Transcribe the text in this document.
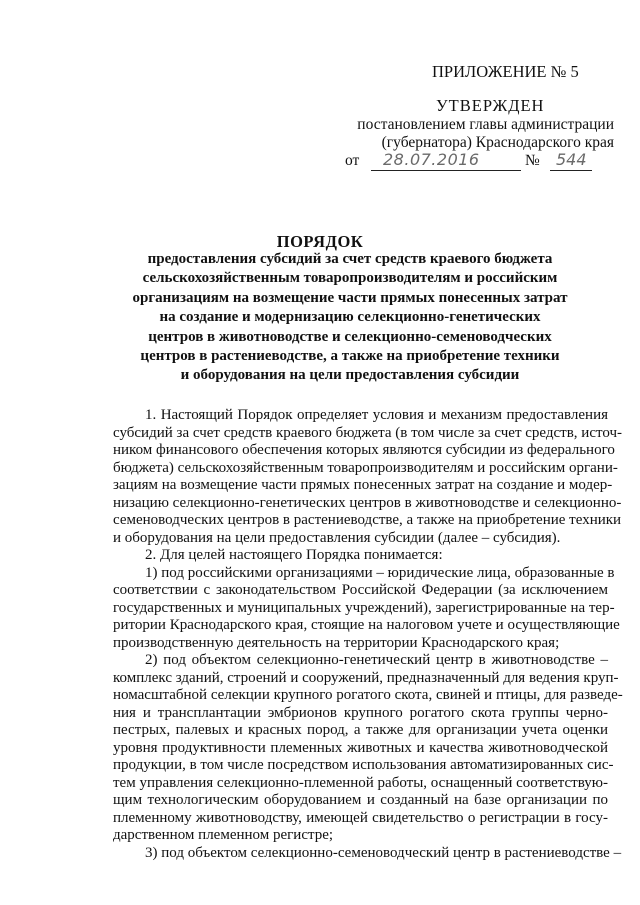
ПРИЛОЖЕНИЕ № 5
УТВЕРЖДЕН
постановлением главы администрации
(губернатора) Краснодарского края
от 28.07.2016	№ 544
ПОРЯДОК
предоставления субсидий за счет средств краевого бюджета
сельскохозяйственным товаропроизводителям и российским
организациям на возмещение части прямых понесенных затрат
на создание и модернизацию селекционно-генетических
центров в животноводстве и селекционно-семеноводческих
центров в растениеводстве, а также на приобретение техники
и оборудования на цели предоставления субсидии
1. Настоящий Порядок определяет условия и механизм предоставления
субсидий за счет средств краевого бюджета (в том числе за счет средств, источ-
ником финансового обеспечения которых являются субсидии из федерального
бюджета) сельскохозяйственным товаропроизводителям и российским органи-
зациям на возмещение части прямых понесенных затрат на создание и модер-
низацию селекционно-генетических центров в животноводстве и селекционно-
семеноводческих центров в растениеводстве, а также на приобретение техники
и оборудования на цели предоставления субсидии (далее – субсидия).
2. Для целей настоящего Порядка понимается:
1) под российскими организациями – юридические лица, образованные в
соответствии с законодательством Российской Федерации (за исключением
государственных и муниципальных учреждений), зарегистрированные на тер-
ритории Краснодарского края, стоящие на налоговом учете и осуществляющие
производственную деятельность на территории Краснодарского края;
2) под объектом селекционно-генетический центр в животноводстве –
комплекс зданий, строений и сооружений, предназначенный для ведения круп-
номасштабной селекции крупного рогатого скота, свиней и птицы, для разведе-
ния и трансплантации эмбрионов крупного рогатого скота группы черно-
пестрых, палевых и красных пород, а также для организации учета оценки
уровня продуктивности племенных животных и качества животноводческой
продукции, в том числе посредством использования автоматизированных сис-
тем управления селекционно-племенной работы, оснащенный соответствую-
щим технологическим оборудованием и созданный на базе организации по
племенному животноводству, имеющей свидетельство о регистрации в госу-
дарственном племенном регистре;
3) под объектом селекционно-семеноводческий центр в растениеводстве –
